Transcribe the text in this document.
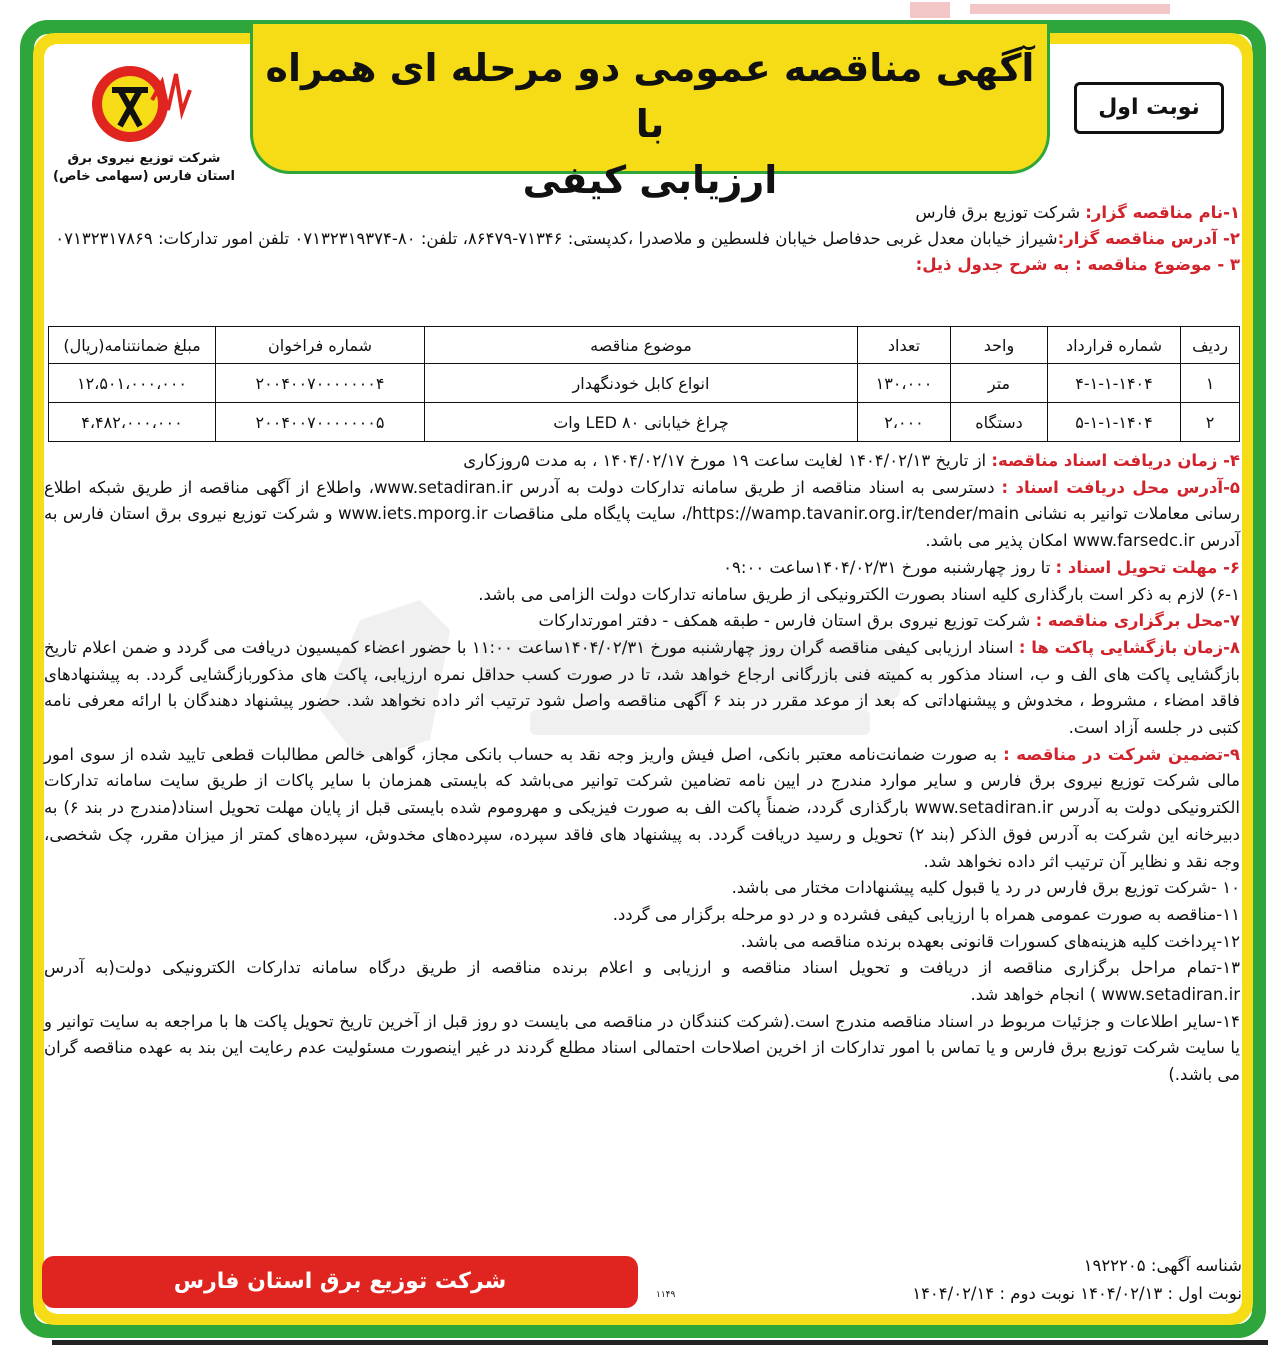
آگهی مناقصه عمومی دو مرحله ای همراه با
ارزیابی کیفی
نوبت اول
شرکت توزیع نیروی برق
استان فارس (سهامی خاص)

۱-نام مناقصه گزار: شرکت توزیع برق فارس

۲- آدرس مناقصه گزار:شیراز خیابان معدل غربی حدفاصل خیابان فلسطین و ملاصدرا ،کدپستی: ۷۱۳۴۶-۸۶۴۷۹، تلفن: ۸۰-۰۷۱۳۲۳۱۹۳۷۴ تلفن امور تدارکات: ۰۷۱۳۲۳۱۷۸۶۹

۳ - موضوع مناقصه : به شرح جدول ذیل:

ردیف	شماره قرارداد	واحد	تعداد	موضوع مناقصه	شماره فراخوان	مبلغ ضمانتنامه(ریال)
۱	۴-۱-۱-۱۴۰۴	متر	۱۳۰،۰۰۰	انواع کابل خودنگهدار	۲۰۰۴۰۰۷۰۰۰۰۰۰۰۴	۱۲،۵۰۱،۰۰۰،۰۰۰
۲	۵-۱-۱-۱۴۰۴	دستگاه	۲،۰۰۰	چراغ خیابانی LED ۸۰ وات	۲۰۰۴۰۰۷۰۰۰۰۰۰۰۵	۴،۴۸۲،۰۰۰،۰۰۰

۴- زمان دریافت اسناد مناقصه: از تاریخ ۱۴۰۴/۰۲/۱۳ لغایت ساعت ۱۹ مورخ ۱۴۰۴/۰۲/۱۷ ، به مدت ۵روزکاری

۵-آدرس محل دریافت اسناد : دسترسی به اسناد مناقصه از طریق سامانه تدارکات دولت به آدرس www.setadiran.ir، واطلاع از آگهی مناقصه از طریق شبکه اطلاع رسانی معاملات توانیر به نشانی https://wamp.tavanir.org.ir/tender/main/، سایت پایگاه ملی مناقصات www.iets.mporg.ir و شرکت توزیع نیروی برق استان فارس به آدرس www.farsedc.ir امکان پذیر می باشد.

۶- مهلت تحویل اسناد : تا روز چهارشنبه مورخ ۱۴۰۴/۰۲/۳۱ساعت ۰۹:۰۰

۶-۱) لازم به ذکر است بارگذاری کلیه اسناد بصورت الکترونیکی از طریق سامانه تدارکات دولت الزامی می باشد.

۷-محل برگزاری مناقصه : شرکت توزیع نیروی برق استان فارس - طبقه همکف - دفتر امورتدارکات

۸-زمان بازگشایی پاکت ها : اسناد ارزیابی کیفی مناقصه گران روز چهارشنبه مورخ ۱۴۰۴/۰۲/۳۱ساعت ۱۱:۰۰ با حضور اعضاء کمیسیون دریافت می گردد و ضمن اعلام تاریخ بازگشایی پاکت های الف و ب، اسناد مذکور به کمیته فنی بازرگانی ارجاع خواهد شد، تا در صورت کسب حداقل نمره ارزیابی، پاکت های مذکوربازگشایی گردد. به پیشنهادهای فاقد امضاء ، مشروط ، مخدوش و پیشنهاداتی که بعد از موعد مقرر در بند ۶ آگهی مناقصه واصل شود ترتیب اثر داده نخواهد شد. حضور پیشنهاد دهندگان با ارائه معرفی نامه کتبی در جلسه آزاد است.

۹-تضمین شرکت در مناقصه : به صورت ضمانت‌نامه معتبر بانکی، اصل فیش واریز وجه نقد به حساب بانکی مجاز، گواهی خالص مطالبات قطعی تایید شده از سوی امور مالی شرکت توزیع نیروی برق فارس و سایر موارد مندرج در ایین نامه تضامین شرکت توانیر می‌باشد که بایستی همزمان با سایر پاکات از طریق سایت سامانه تدارکات الکترونیکی دولت به آدرس www.setadiran.ir بارگذاری گردد، ضمناً پاکت الف به صورت فیزیکی و مهروموم شده بایستی قبل از پایان مهلت تحویل اسناد(مندرج در بند ۶) به دبیرخانه این شرکت به آدرس فوق الذکر (بند ۲) تحویل و رسید دریافت گردد. به پیشنهاد های فاقد سپرده، سپرده‌های مخدوش، سپرده‌های کمتر از میزان مقرر، چک شخصی، وجه نقد و نظایر آن ترتیب اثر داده نخواهد شد.

۱۰ -شرکت توزیع برق فارس در رد یا قبول کلیه پیشنهادات مختار می باشد.

۱۱-مناقصه به صورت عمومی همراه با ارزیابی کیفی فشرده و در دو مرحله برگزار می گردد.

۱۲-پرداخت کلیه هزینه‌های کسورات قانونی بعهده برنده مناقصه می باشد.

۱۳-تمام مراحل برگزاری مناقصه از دریافت و تحویل اسناد مناقصه و ارزیابی و اعلام برنده مناقصه از طریق درگاه سامانه تدارکات الکترونیکی دولت(به آدرس www.setadiran.ir ) انجام خواهد شد.

۱۴-سایر اطلاعات و جزئیات مربوط در اسناد مناقصه مندرج است.(شرکت کنندگان در مناقصه می بایست دو روز قبل از آخرین تاریخ تحویل پاکت ها با مراجعه به سایت توانیر و یا سایت شرکت توزیع برق فارس و یا تماس با امور تدارکات از اخرین اصلاحات احتمالی اسناد مطلع گردند در غیر اینصورت مسئولیت عدم رعایت این بند به عهده مناقصه گران می باشد.)

شناسه آگهی: ۱۹۲۲۲۰۵
نوبت اول : ۱۴۰۴/۰۲/۱۳ نوبت دوم : ۱۴۰۴/۰۲/۱۴
شرکت توزیع برق استان فارس
۱۱۴۹
